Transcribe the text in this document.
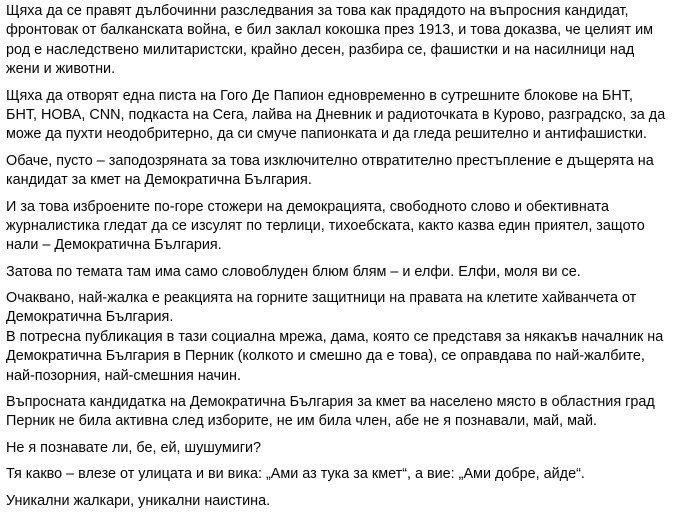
Щяха да се правят дълбочинни разследвания за това как прадядото на въпросния кандидат,
фронтовак от балканската война, е бил заклал кокошка през 1913, и това доказва, че целият им
род е наследствено милитаристски, крайно десен, разбира се, фашистки и на насилници над
жени и животни.
Щяха да отворят една писта на Гого Де Папион едновременно в сутрешните блокове на БНТ,
БНТ, НОВА, CNN, подкаста на Сега, лайва на Дневник и радиоточката в Курово, разградско, за да
може да пухти неодобритерно, да си смуче папионката и да гледа решително и антифашистки.
Обаче, пусто – заподозряната за това изключително отвратително престъпление е дъщерята на
кандидат за кмет на Демократична България.
И за това изброените по-горе стожери на демокрацията, свободното слово и обективната
журналистика гледат да се изсулят по терлици, тихоебската, както казва един приятел, защото
нали – Демократична България.
Затова по темата там има само словоблуден блюм блям – и елфи. Елфи, моля ви се.
Очаквано, най-жалка е реакцията на горните защитници на правата на клетите хайванчета от
Демократична България.
В потресна публикация в тази социална мрежа, дама, която се представя за някакъв началник на
Демократична България в Перник (колкото и смешно да е това), се оправдава по най-жалбите,
най-позорния, най-смешния начин.
Въпросната кандидатка на Демократична България за кмет ва населено място в областния град
Перник не била активна след изборите, не им била член, абе не я познавали, май, май.
Не я познавате ли, бе, ей, шушумиги?
Тя какво – влезе от улицата и ви вика: „Ами аз тука за кмет“, а вие: „Ами добре, айде“.
Уникални жалкари, уникални наистина.
